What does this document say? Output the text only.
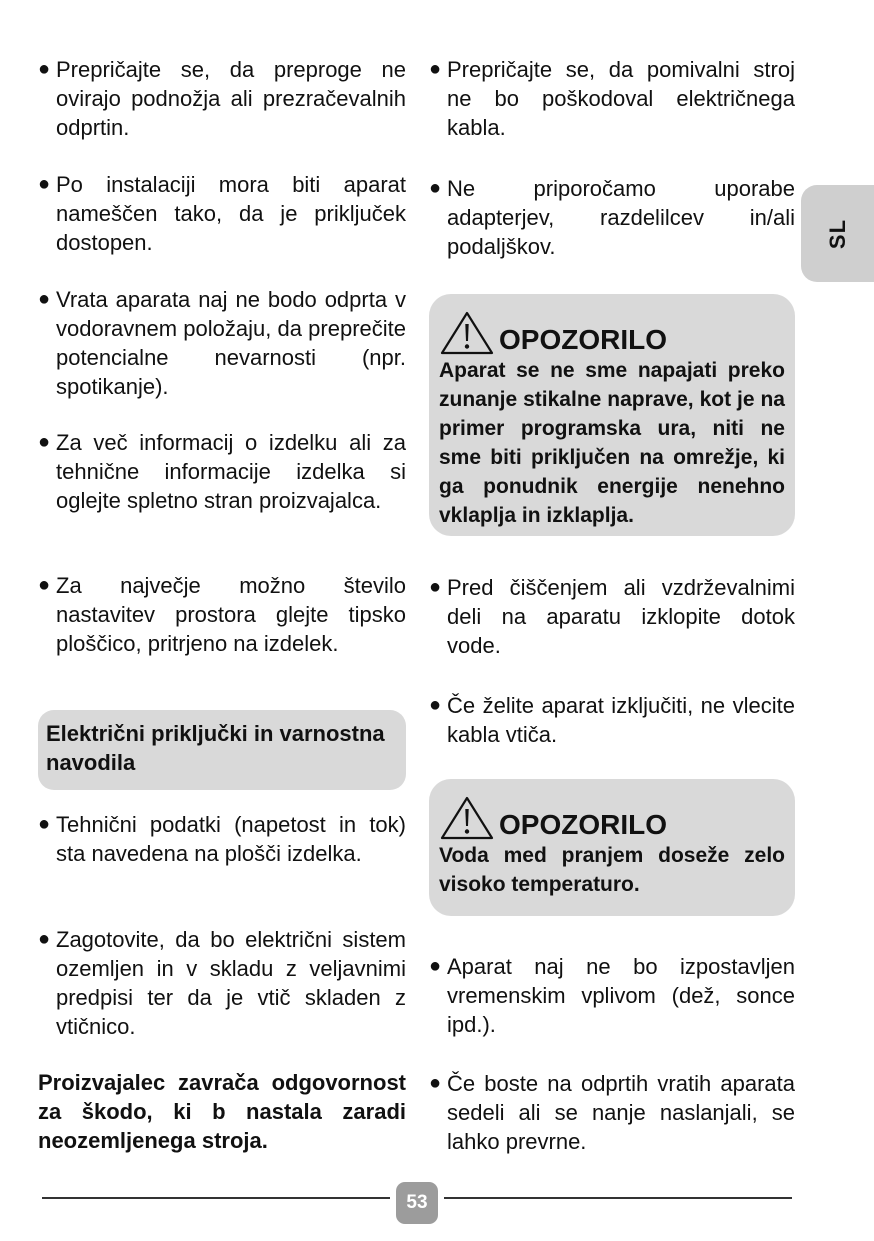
● Prepričajte se, da preproge ne ovirajo podnožja ali prezračevalnih odprtin.
● Po instalaciji mora biti aparat nameščen tako, da je priključek dostopen.
● Vrata aparata naj ne bodo odprta v vodoravnem položaju, da preprečite potencialne nevarnosti (npr. spotikanje).
● Za več informacij o izdelku ali za tehnične informacije izdelka si oglejte spletno stran proizvajalca.
● Za največje možno število nastavitev prostora glejte tipsko ploščico, pritrjeno na izdelek.
Električni priključki in varnostna navodila
● Tehnični podatki (napetost in tok) sta navedena na plošči izdelka.
● Zagotovite, da bo električni sistem ozemljen in v skladu z veljavnimi predpisi ter da je vtič skladen z vtičnico.
Proizvajalec zavrača odgovornost za škodo, ki b nastala zaradi neozemljenega stroja.
● Prepričajte se, da pomivalni stroj ne bo poškodoval električnega kabla.
● Ne priporočamo uporabe adapterjev, razdelilcev in/ali podaljškov.
OPOZORILO
Aparat se ne sme napajati preko zunanje stikalne naprave, kot je na primer programska ura, niti ne sme biti priključen na omrežje, ki ga ponudnik energije nenehno vklaplja in izklaplja.
● Pred čiščenjem ali vzdrževalnimi deli na aparatu izklopite dotok vode.
● Če želite aparat izključiti, ne vlecite kabla vtiča.
OPOZORILO
Voda med pranjem doseže zelo visoko temperaturo.
● Aparat naj ne bo izpostavljen vremenskim vplivom (dež, sonce ipd.).
● Če boste na odprtih vratih aparata sedeli ali se nanje naslanjali, se lahko prevrne.
SL
53
